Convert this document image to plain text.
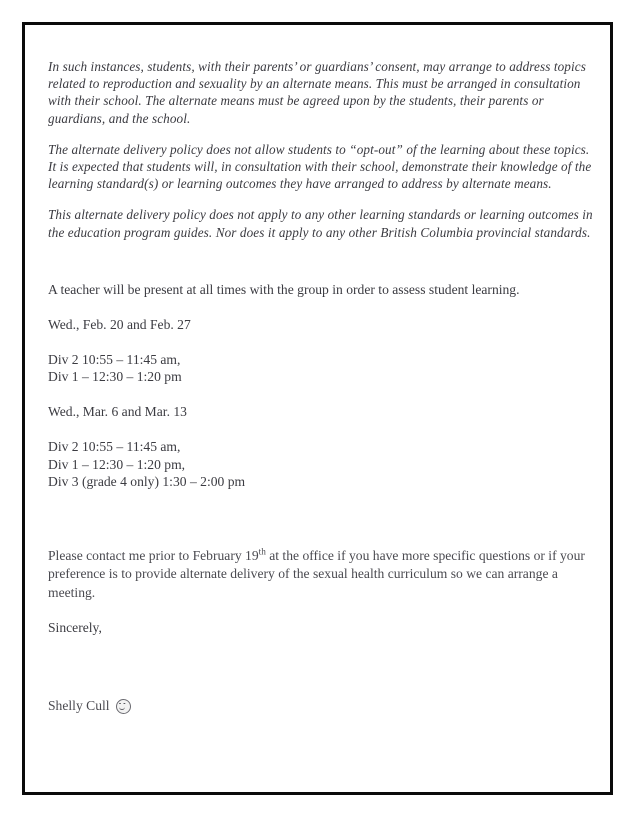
In such instances, students, with their parents’ or guardians’ consent, may arrange to address topics related to reproduction and sexuality by an alternate means. This must be arranged in consultation with their school. The alternate means must be agreed upon by the students, their parents or guardians, and the school.

The alternate delivery policy does not allow students to “opt-out” of the learning about these topics. It is expected that students will, in consultation with their school, demonstrate their knowledge of the learning standard(s) or learning outcomes they have arranged to address by alternate means.

This alternate delivery policy does not apply to any other learning standards or learning outcomes in the education program guides. Nor does it apply to any other British Columbia provincial standards.

A teacher will be present at all times with the group in order to assess student learning.

Wed., Feb. 20 and Feb. 27

Div 2 10:55 – 11:45 am,

Div 1 – 12:30 – 1:20 pm

Wed., Mar. 6 and Mar. 13

Div 2 10:55 – 11:45 am,

Div 1 – 12:30 – 1:20 pm,

Div 3 (grade 4 only) 1:30 – 2:00 pm

Please contact me prior to February 19th at the office if you have more specific questions or if your preference is to provide alternate delivery of the sexual health curriculum so we can arrange a meeting.

Sincerely,

Shelly Cull
